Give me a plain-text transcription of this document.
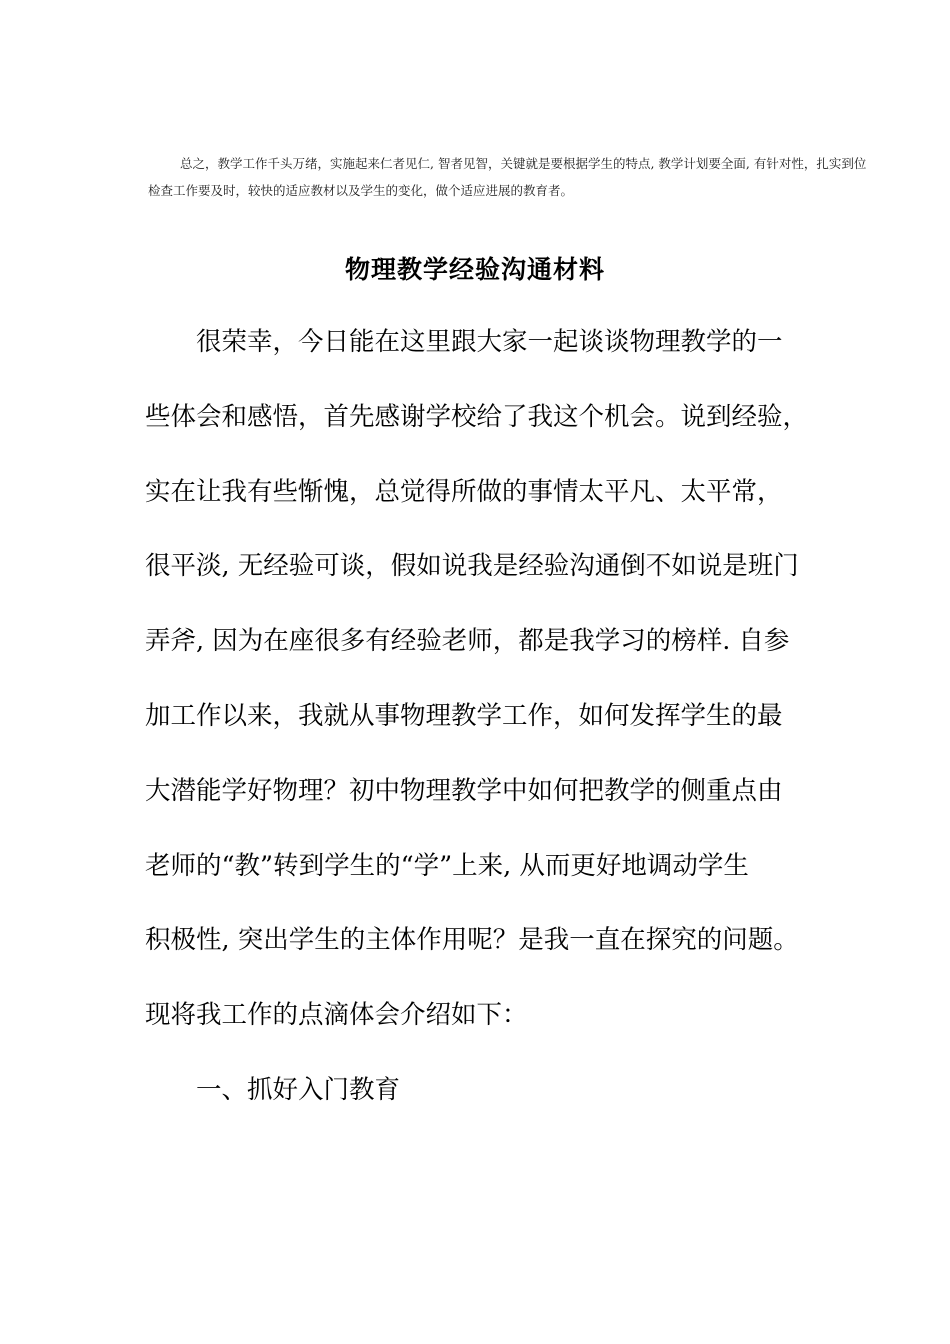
总之，教学工作千头万绪，实施起来仁者见仁, 智者见智，关键就是要根据学生的特点, 教学计划要全面, 有针对性，扎实到位
检查工作要及时，较快的适应教材以及学生的变化，做个适应进展的教育者。
物理教学经验沟通材料
很荣幸，今日能在这里跟大家一起谈谈物理教学的一
些体会和感悟，首先感谢学校给了我这个机会。说到经验，
实在让我有些惭愧，总觉得所做的事情太平凡、太平常，
很平淡, 无经验可谈，假如说我是经验沟通倒不如说是班门
弄斧, 因为在座很多有经验老师，都是我学习的榜样. 自参
加工作以来，我就从事物理教学工作，如何发挥学生的最
大潜能学好物理？初中物理教学中如何把教学的侧重点由
老师的“教”转到学生的“学”上来, 从而更好地调动学生
积极性, 突出学生的主体作用呢？是我一直在探究的问题。
现将我工作的点滴体会介绍如下：
一、抓好入门教育
